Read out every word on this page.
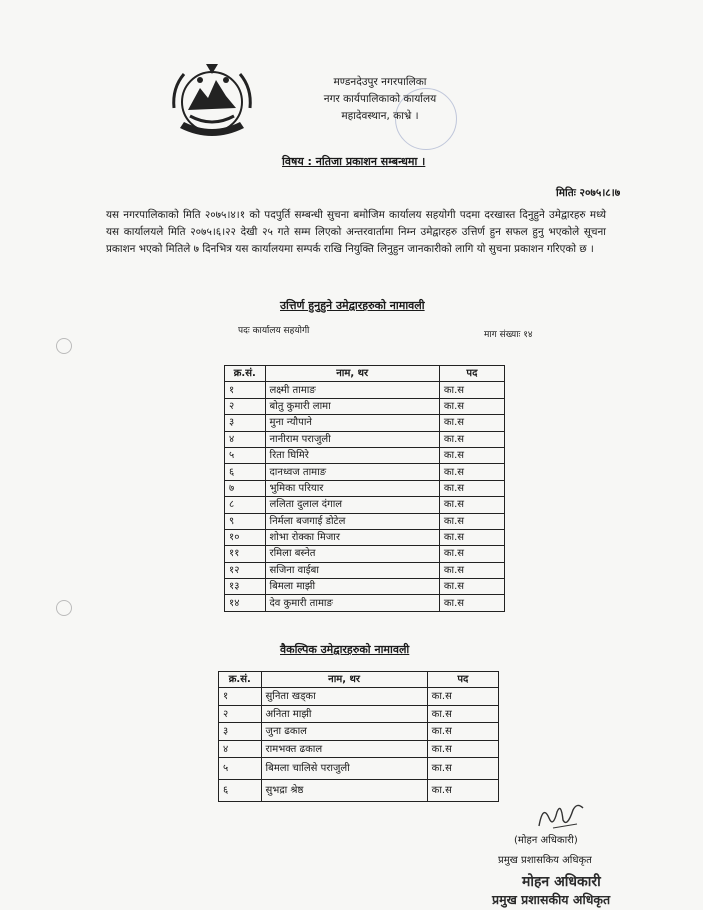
मण्डनदेउपुर नगरपालिका
नगर कार्यपालिकाको कार्यालय
महादेवस्थान, काभ्रे ।
विषय : नतिजा प्रकाशन सम्बन्धमा ।
मितिः २०७५।८।७
यस नगरपालिकाको मिति २०७५।४।१ को पदपुर्ति सम्बन्धी सुचना बमोजिम कार्यालय सहयोगी पदमा दरखास्त दिनुहुने उमेद्वारहरु मध्ये यस कार्यालयले मिति २०७५।६।२२ देखी २५ गते सम्म लिएको अन्तरवार्तामा निम्न उमेद्वारहरु उत्तिर्ण हुन सफल हुनु भएकोले सूचना प्रकाशन भएको मितिले ७ दिनभित्र यस कार्यालयमा सम्पर्क राखि नियुक्ति लिनुहुन जानकारीको लागि यो सुचना प्रकाशन गरिएको छ ।
उत्तिर्ण हुनुहुने उमेद्वारहरुको नामावली
पदः कार्यालय सहयोगी	माग संख्याः १४
क्र.सं.	नाम, थर	पद
१	लक्ष्मी तामाङ	का.स
२	बोतु कुमारी लामा	का.स
३	मुना न्यौपाने	का.स
४	नानीराम पराजुली	का.स
५	रिता घिमिरे	का.स
६	दानध्वज तामाङ	का.स
७	भुमिका परियार	का.स
८	ललिता दुलाल दंगाल	का.स
९	निर्मला बजगाई डोटेल	का.स
१०	शोभा रोक्का मिजार	का.स
११	रमिला बस्नेत	का.स
१२	सजिना वाईबा	का.स
१३	बिमला माझी	का.स
१४	देव कुमारी तामाङ	का.स
वैकल्पिक उमेद्वारहरुको नामावली
क्र.सं.	नाम, थर	पद
१	सुनिता खड्का	का.स
२	अनिता माझी	का.स
३	जुना ढकाल	का.स
४	रामभक्त ढकाल	का.स
५	बिमला चालिसे पराजुली	का.स
६	सुभद्रा श्रेष्ठ	का.स
(मोहन अधिकारी)
प्रमुख प्रशासकिय अधिकृत
मोहन अधिकारी
प्रमुख प्रशासकीय अधिकृत
